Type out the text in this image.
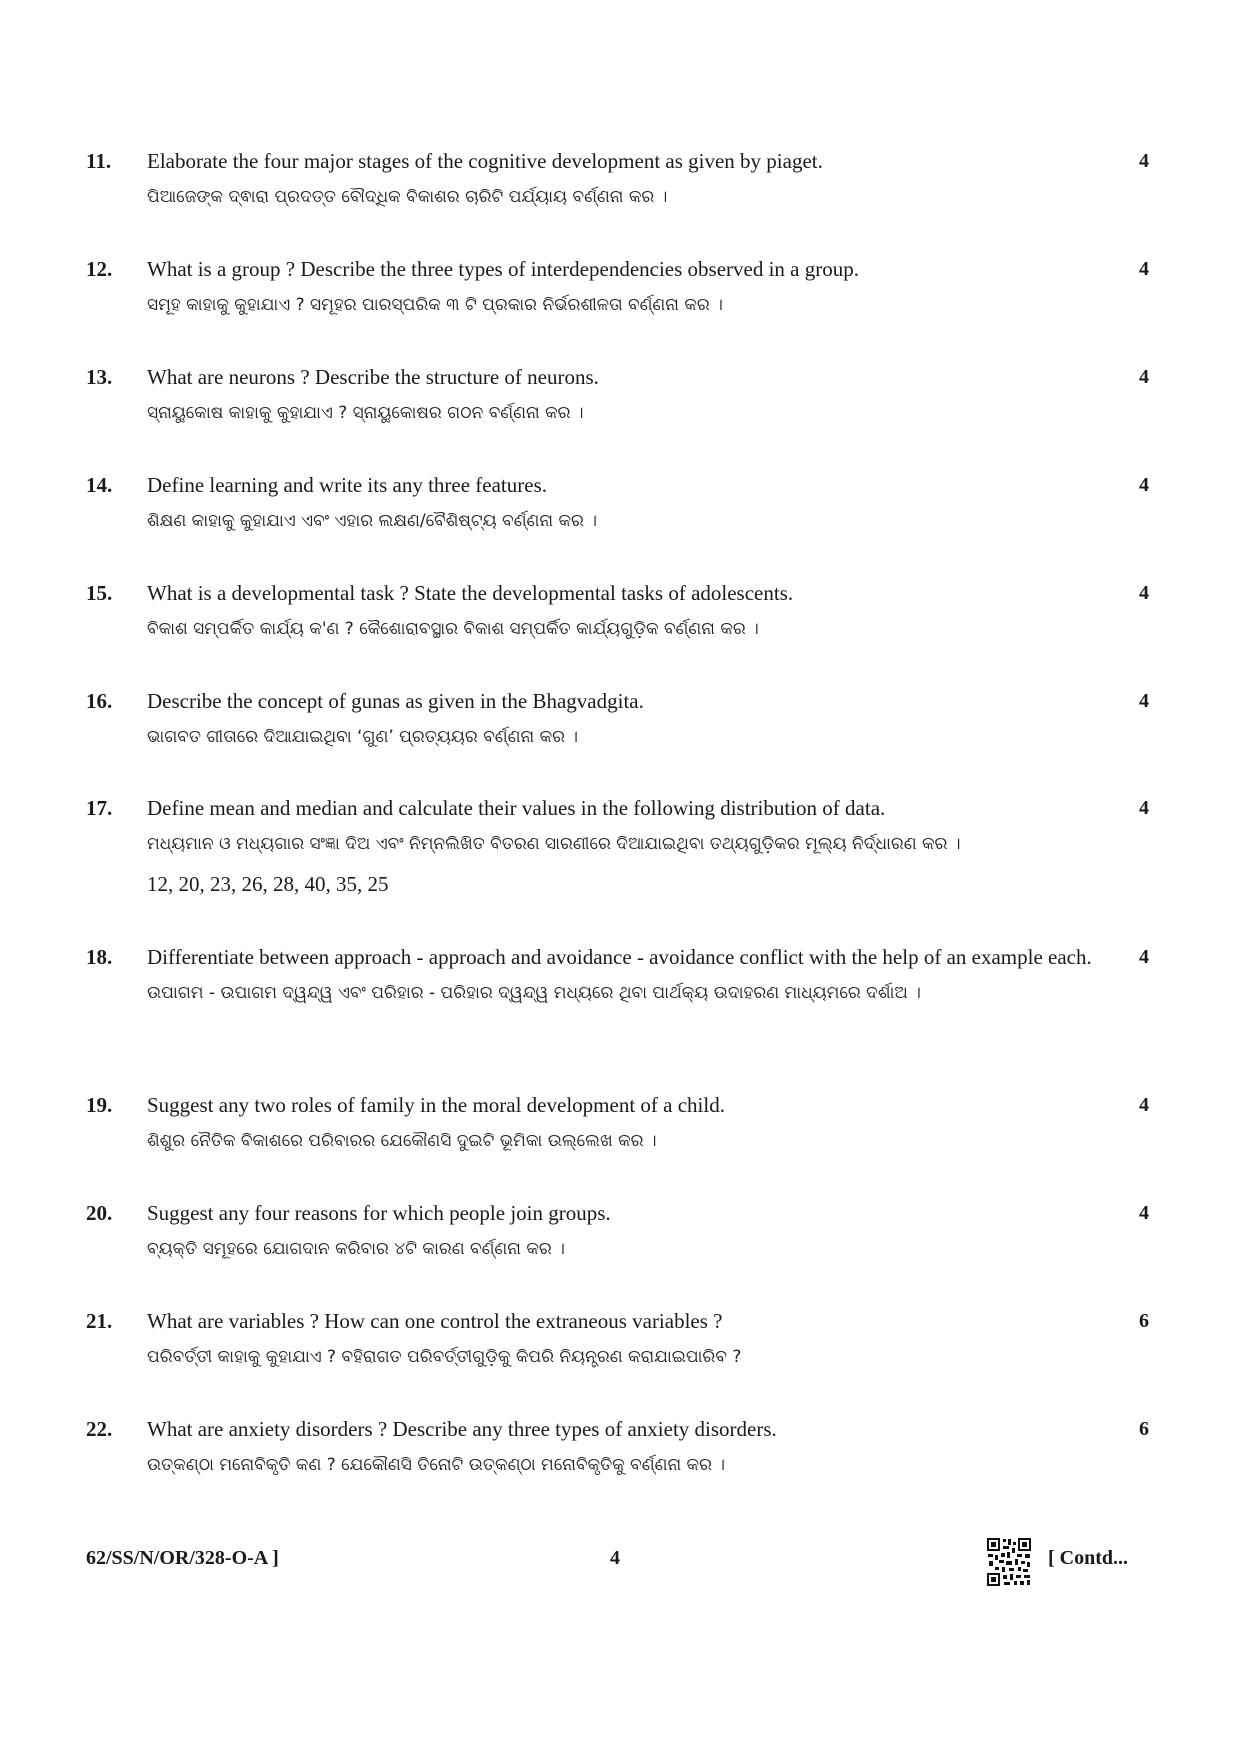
11. Elaborate the four major stages of the cognitive development as given by piaget.
ପିଆଜେଙ୍କ ଦ୍ଵାରା ପ୍ରଦତ୍ତ ବୌଦ୍ଧିକ ବିକାଶର ଚାରିଟି ପର୍ଯ୍ୟାୟ ବର୍ଣ୍ଣନା କର ।
4
12. What is a group ? Describe the three types of interdependencies observed in a group.
ସମୂହ କାହାକୁ କୁହାଯାଏ ? ସମୂହର ପାରସ୍ପରିକ ୩ ଟି ପ୍ରକାର ନିର୍ଭରଶୀଳତା ବର୍ଣ୍ଣନା କର ।
4
13. What are neurons ? Describe the structure of neurons.
ସ୍ନାୟୁକୋଷ କାହାକୁ କୁହାଯାଏ ? ସ୍ନାୟୁକୋଷର ଗଠନ ବର୍ଣ୍ଣନା କର ।
4
14. Define learning and write its any three features.
ଶିକ୍ଷଣ କାହାକୁ କୁହାଯାଏ ଏବଂ ଏହାର ଲକ୍ଷଣ/ବୈଶିଷ୍ଟ୍ୟ ବର୍ଣ୍ଣନା କର ।
4
15. What is a developmental task ? State the developmental tasks of adolescents.
ବିକାଶ ସମ୍ପର୍କିତ କାର୍ଯ୍ୟ କ'ଣ ? କୈଶୋରାବସ୍ଥାର ବିକାଶ ସମ୍ପର୍କିତ କାର୍ଯ୍ୟଗୁଡ଼ିକ ବର୍ଣ୍ଣନା କର ।
4
16. Describe the concept of gunas as given in the Bhagvadgita.
ଭାଗବତ ଗୀତାରେ ଦିଆଯାଇଥିବା ‘ଗୁଣ’ ପ୍ରତ୍ୟୟର ବର୍ଣ୍ଣନା କର ।
4
17. Define mean and median and calculate their values in the following distribution of data.
ମଧ୍ୟମାନ ଓ ମଧ୍ୟଗାର ସଂଜ୍ଞା ଦିଅ ଏବଂ ନିମ୍ନଲିଖିତ ବିତରଣ ସାରଣୀରେ ଦିଆଯାଇଥିବା ତଥ୍ୟଗୁଡ଼ିକର ମୂଲ୍ୟ ନିର୍ଦ୍ଧାରଣ କର ।
12, 20, 23, 26, 28, 40, 35, 25
4
18. Differentiate between approach - approach and avoidance - avoidance conflict with the help of an example each.
ଉପାଗମ - ଉପାଗମ ଦ୍ୱନ୍ଦ୍ୱ ଏବଂ ପରିହାର - ପରିହାର ଦ୍ୱନ୍ଦ୍ୱ ମଧ୍ୟରେ ଥିବା ପାର୍ଥକ୍ୟ ଉଦାହରଣ ମାଧ୍ୟମରେ ଦର୍ଶାଅ ।
4
19. Suggest any two roles of family in the moral development of a child.
ଶିଶୁର ନୈତିକ ବିକାଶରେ ପରିବାରର ଯେକୌଣସି ଦୁଇଟି ଭୂମିକା ଉଲ୍ଲେଖ କର ।
4
20. Suggest any four reasons for which people join groups.
ବ୍ୟକ୍ତି ସମୂହରେ ଯୋଗଦାନ କରିବାର ୪ଟି କାରଣ ବର୍ଣ୍ଣନା କର ।
4
21. What are variables ? How can one control the extraneous variables ?
ପରିବର୍ତ୍ତୀ କାହାକୁ କୁହାଯାଏ ? ବହିରାଗତ ପରିବର୍ତ୍ତୀଗୁଡ଼ିକୁ କିପରି ନିୟନ୍ତ୍ରଣ କରାଯାଇପାରିବ ?
6
22. What are anxiety disorders ? Describe any three types of anxiety disorders.
ଉତ୍କଣ୍ଠା ମନୋବିକୃତି କଣ ? ଯେକୌଣସି ତିନୋଟି ଉତ୍କଣ୍ଠା ମନୋବିକୃତିକୁ ବର୍ଣ୍ଣନା କର ।
6
62/SS/N/OR/328-O-A ]	4	[ Contd...
